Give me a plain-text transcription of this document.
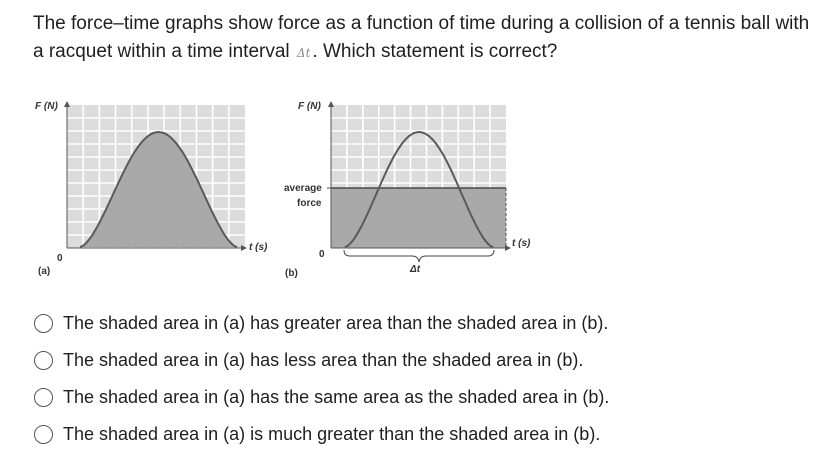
The force–time graphs show force as a function of time during a collision of a tennis ball with a racquet within a time interval Δt . Which statement is correct?
F (N)
t (s)
0
(a)
F (N)
t (s)
average
force
0
Δt
(b)
The shaded area in (a) has greater area than the shaded area in (b).
The shaded area in (a) has less area than the shaded area in (b).
The shaded area in (a) has the same area as the shaded area in (b).
The shaded area in (a) is much greater than the shaded area in (b).
